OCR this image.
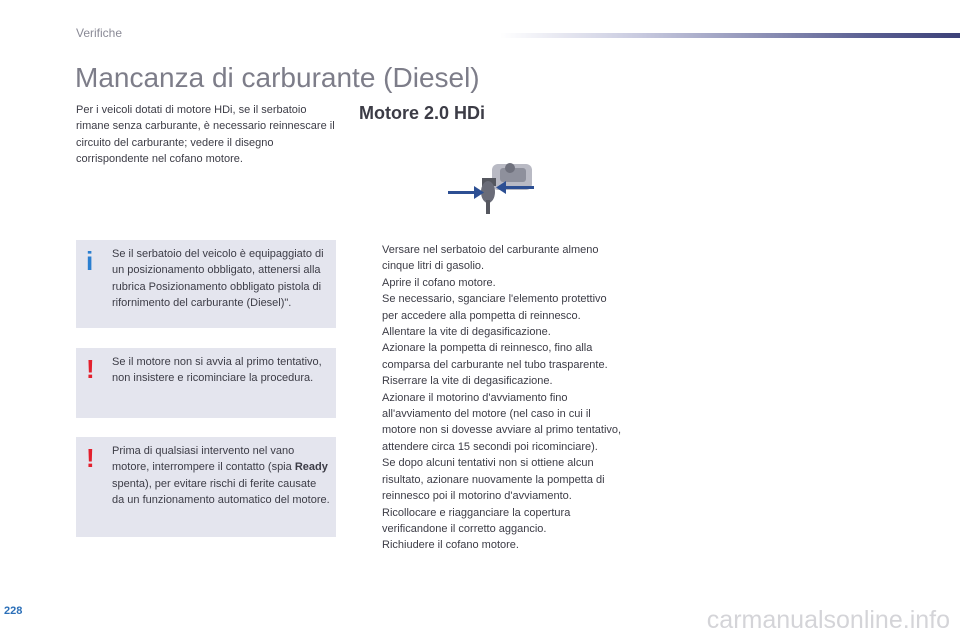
Verifiche
Mancanza di carburante (Diesel)

Per i veicoli dotati di motore HDi, se il serbatoio rimane senza carburante, è necessario reinnescare il circuito del carburante; vedere il disegno corrispondente nel cofano motore.

i Se il serbatoio del veicolo è equipaggiato di un posizionamento obbligato, attenersi alla rubrica Posizionamento obbligato pistola di rifornimento del carburante (Diesel)".
! Se il motore non si avvia al primo tentativo, non insistere e ricominciare la procedura.
! Prima di qualsiasi intervento nel vano motore, interrompere il contatto (spia Ready spenta), per evitare rischi di ferite causate da un funzionamento automatico del motore.
Motore 2.0 HDi
Versare nel serbatoio del carburante almeno cinque litri di gasolio.
Aprire il cofano motore.
Se necessario, sganciare l'elemento protettivo per accedere alla pompetta di reinnesco.
Allentare la vite di degasificazione.
Azionare la pompetta di reinnesco, fino alla comparsa del carburante nel tubo trasparente.
Riserrare la vite di degasificazione.
Azionare il motorino d'avviamento fino all'avviamento del motore (nel caso in cui il motore non si dovesse avviare al primo tentativo, attendere circa 15 secondi poi ricominciare).
Se dopo alcuni tentativi non si ottiene alcun risultato, azionare nuovamente la pompetta di reinnesco poi il motorino d'avviamento.
Ricollocare e riagganciare la copertura verificandone il corretto aggancio.
Richiudere il cofano motore.
228	carmanualsonline.info
